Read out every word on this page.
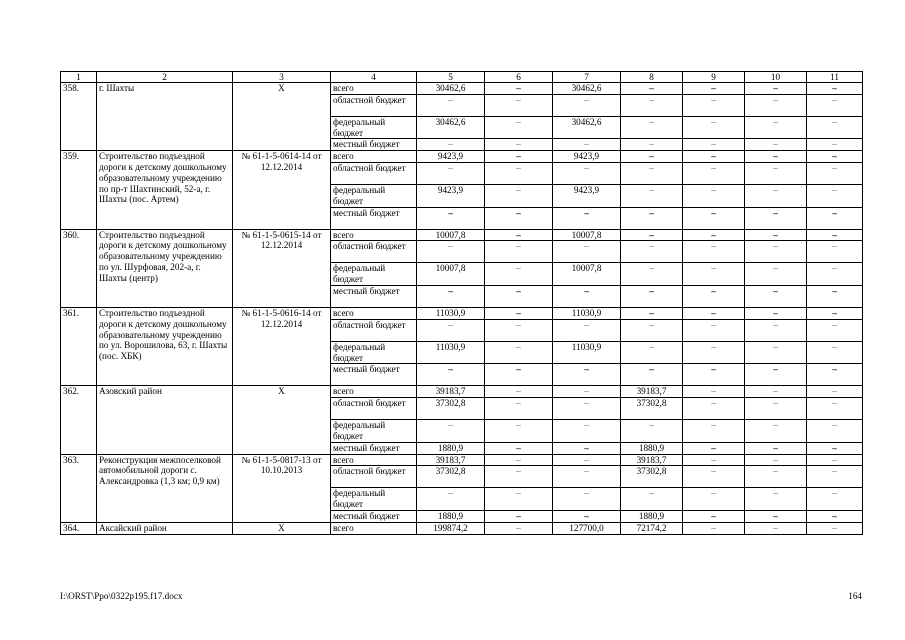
1	2	3	4	5	6	7	8	9	10	11
358.	г. Шахты	Х	всего	30462,6	–	30462,6	–	–	–	–
			областной бюджет	–	–	–	–	–	–	–
			федеральный бюджет	30462,6	–	30462,6	–	–	–	–
			местный бюджет	–	–	–	–	–	–	–
359.	Строительство подъездной дороги к детскому дошкольному образовательному учреждению по пр-т Шахтинский, 52-а, г. Шахты (пос. Артем)	№ 61-1-5-0614-14 от 12.12.2014	всего	9423,9	–	9423,9	–	–	–	–
			областной бюджет	–	–	–	–	–	–	–
			федеральный бюджет	9423,9	–	9423,9	–	–	–	–
			местный бюджет	–	–	–	–	–	–	–
360.	Строительство подъездной дороги к детскому дошкольному образовательному учреждению по ул. Шурфовая, 202-а, г. Шахты (центр)	№ 61-1-5-0615-14 от 12.12.2014	всего	10007,8	–	10007,8	–	–	–	–
			областной бюджет	–	–	–	–	–	–	–
			федеральный бюджет	10007,8	–	10007,8	–	–	–	–
			местный бюджет	–	–	–	–	–	–	–
361.	Строительство подъездной дороги к детскому дошкольному образовательному учреждению по ул. Ворошилова, 63, г. Шахты (пос. ХБК)	№ 61-1-5-0616-14 от 12.12.2014	всего	11030,9	–	11030,9	–	–	–	–
			областной бюджет	–	–	–	–	–	–	–
			федеральный бюджет	11030,9	–	11030,9	–	–	–	–
			местный бюджет	–	–	–	–	–	–	–
362.	Азовский район	Х	всего	39183,7	–	–	39183,7	–	–	–
			областной бюджет	37302,8	–	–	37302,8	–	–	–
			федеральный бюджет	–	–	–	–	–	–	–
			местный бюджет	1880,9	–	–	1880,9	–	–	–
363.	Реконструкция межпоселковой автомобильной дороги с. Александровка (1,3 км; 0,9 км)	№ 61-1-5-0817-13 от 10.10.2013	всего	39183,7	–	–	39183,7	–	–	–
			областной бюджет	37302,8	–	–	37302,8	–	–	–
			федеральный бюджет	–	–	–	–	–	–	–
			местный бюджет	1880,9	–	–	1880,9	–	–	–
364.	Аксайский район	Х	всего	199874,2	–	127700,0	72174,2	–	–	–
I:\ORST\Ppo\0322p195.f17.docx	164
